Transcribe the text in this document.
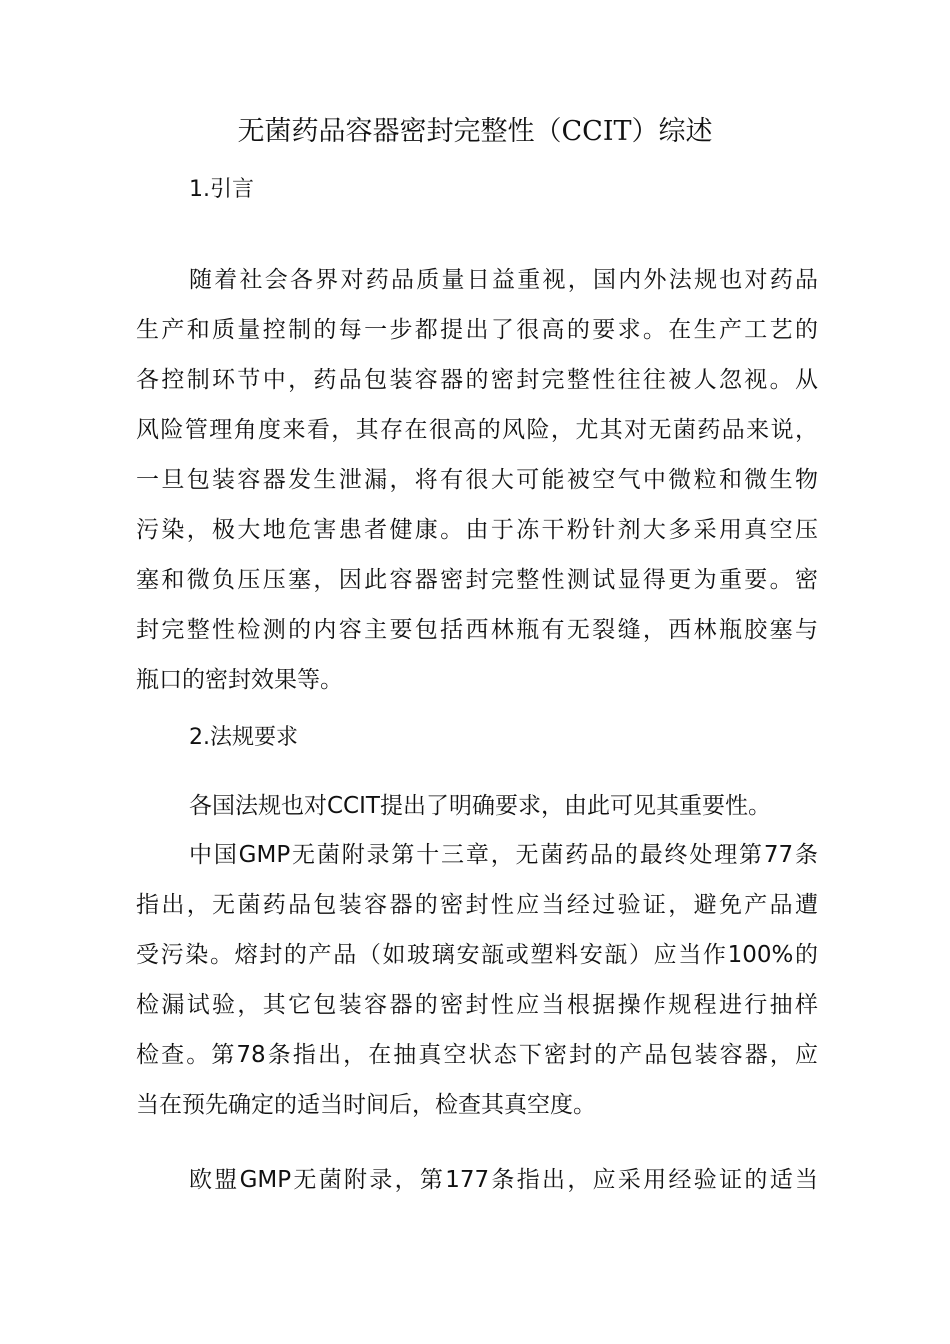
无菌药品容器密封完整性（CCIT）综述
1.引言

随着社会各界对药品质量日益重视，国内外法规也对药品

生产和质量控制的每一步都提出了很高的要求。在生产工艺的

各控制环节中，药品包装容器的密封完整性往往被人忽视。从

风险管理角度来看，其存在很高的风险，尤其对无菌药品来说，

一旦包装容器发生泄漏，将有很大可能被空气中微粒和微生物

污染，极大地危害患者健康。由于冻干粉针剂大多采用真空压

塞和微负压压塞，因此容器密封完整性测试显得更为重要。密

封完整性检测的内容主要包括西林瓶有无裂缝，西林瓶胶塞与

瓶口的密封效果等。

2.法规要求

各国法规也对CCIT提出了明确要求，由此可见其重要性。

中国GMP无菌附录第十三章，无菌药品的最终处理第77条

指出，无菌药品包装容器的密封性应当经过验证，避免产品遭

受污染。熔封的产品（如玻璃安瓿或塑料安瓿）应当作100%的

检漏试验，其它包装容器的密封性应当根据操作规程进行抽样

检查。第78条指出，在抽真空状态下密封的产品包装容器，应

当在预先确定的适当时间后，检查其真空度。

欧盟GMP无菌附录，第177条指出，应采用经验证的适当
